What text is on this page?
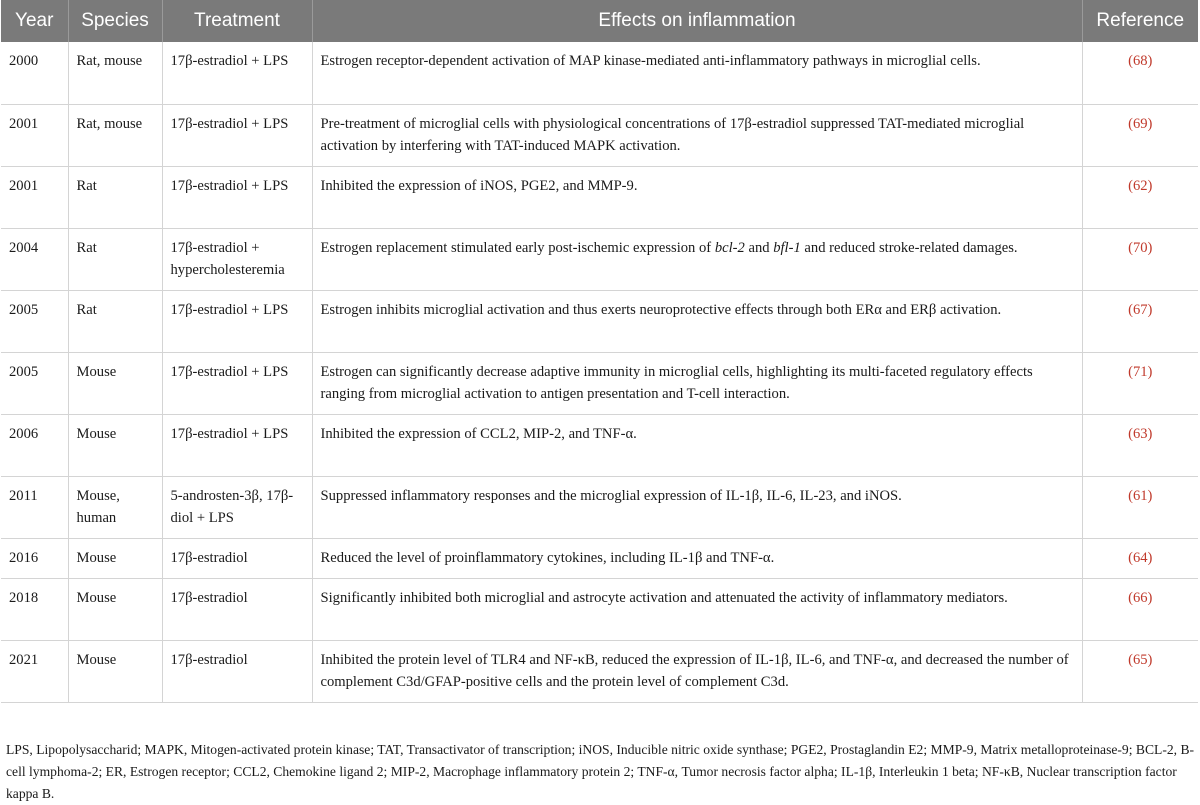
Year	Species	Treatment	Effects on inflammation	Reference
2000	Rat, mouse	17β-estradiol + LPS	Estrogen receptor-dependent activation of MAP kinase-mediated anti-inflammatory pathways in microglial cells.	(68)
2001	Rat, mouse	17β-estradiol + LPS	Pre-treatment of microglial cells with physiological concentrations of 17β-estradiol suppressed TAT-mediated microglial activation by interfering with TAT-induced MAPK activation.	(69)
2001	Rat	17β-estradiol + LPS	Inhibited the expression of iNOS, PGE2, and MMP-9.	(62)
2004	Rat	17β-estradiol + hypercholesteremia	Estrogen replacement stimulated early post-ischemic expression of bcl-2 and bfl-1 and reduced stroke-related damages.	(70)
2005	Rat	17β-estradiol + LPS	Estrogen inhibits microglial activation and thus exerts neuroprotective effects through both ERα and ERβ activation.	(67)
2005	Mouse	17β-estradiol + LPS	Estrogen can significantly decrease adaptive immunity in microglial cells, highlighting its multi-faceted regulatory effects ranging from microglial activation to antigen presentation and T-cell interaction.	(71)
2006	Mouse	17β-estradiol + LPS	Inhibited the expression of CCL2, MIP-2, and TNF-α.	(63)
2011	Mouse, human	5-androsten-3β, 17β-diol + LPS	Suppressed inflammatory responses and the microglial expression of IL-1β, IL-6, IL-23, and iNOS.	(61)
2016	Mouse	17β-estradiol	Reduced the level of proinflammatory cytokines, including IL-1β and TNF-α.	(64)
2018	Mouse	17β-estradiol	Significantly inhibited both microglial and astrocyte activation and attenuated the activity of inflammatory mediators.	(66)
2021	Mouse	17β-estradiol	Inhibited the protein level of TLR4 and NF-κB, reduced the expression of IL-1β, IL-6, and TNF-α, and decreased the number of complement C3d/GFAP-positive cells and the protein level of complement C3d.	(65)
LPS, Lipopolysaccharid; MAPK, Mitogen-activated protein kinase; TAT, Transactivator of transcription; iNOS, Inducible nitric oxide synthase; PGE2, Prostaglandin E2; MMP-9, Matrix metalloproteinase-9; BCL-2, B-cell lymphoma-2; ER, Estrogen receptor; CCL2, Chemokine ligand 2; MIP-2, Macrophage inflammatory protein 2; TNF-α, Tumor necrosis factor alpha; IL-1β, Interleukin 1 beta; NF-κB, Nuclear transcription factor kappa B.
